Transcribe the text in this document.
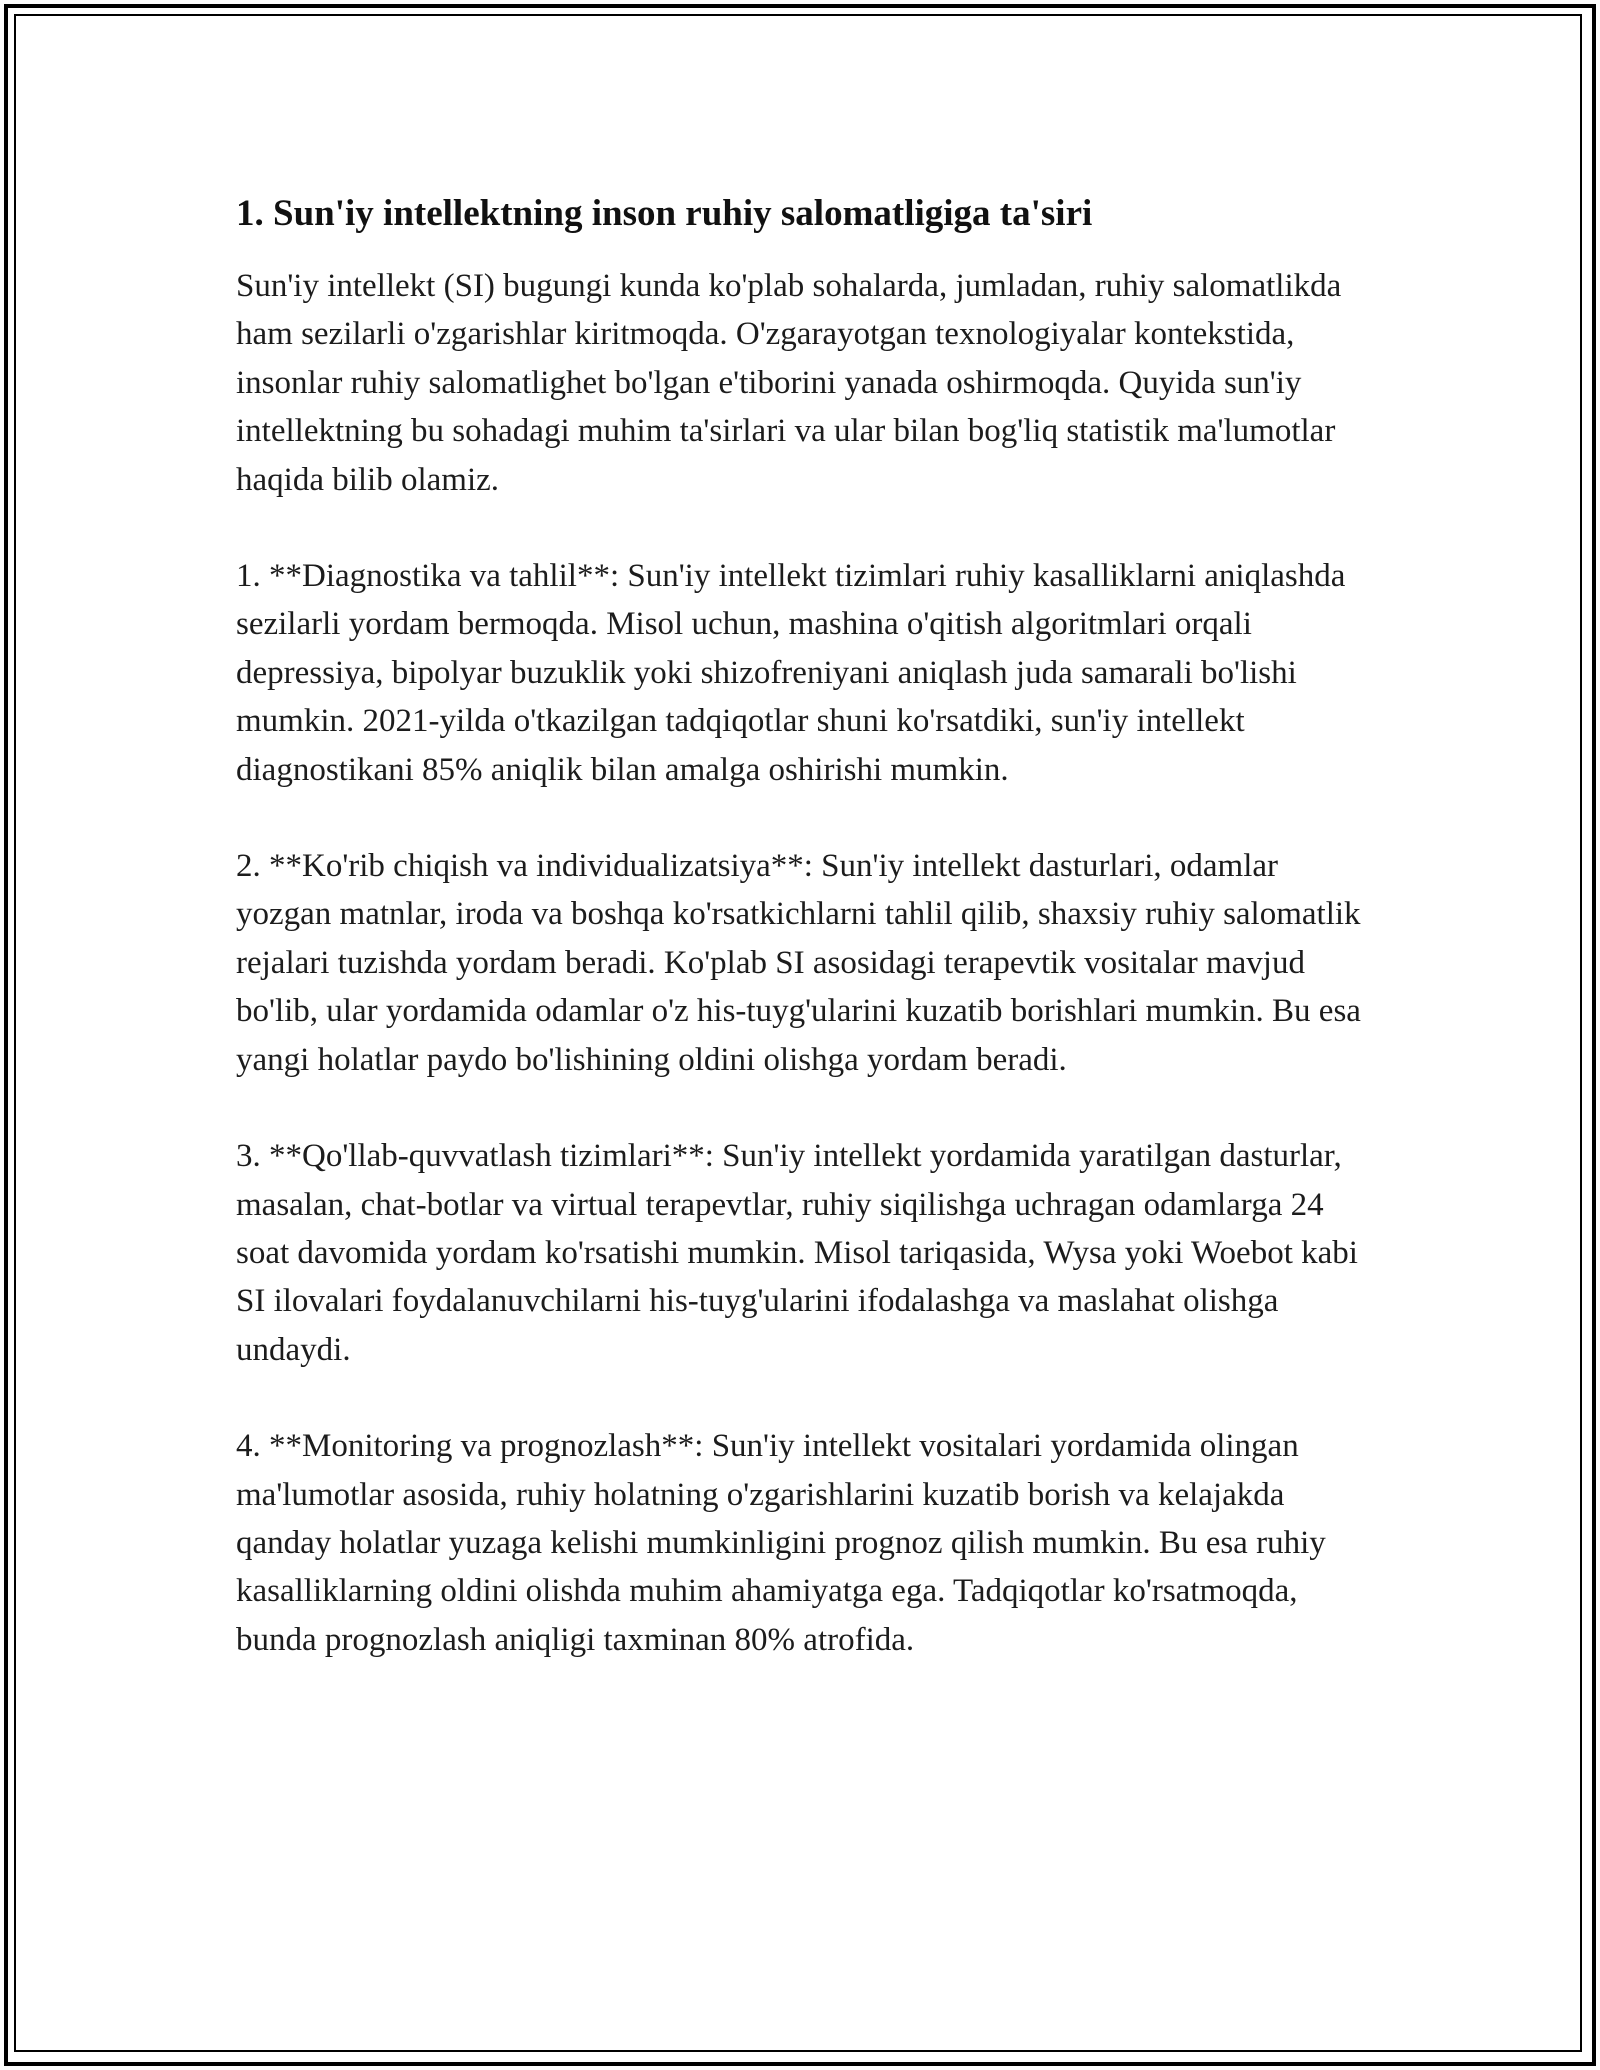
1. Sun'iy intellektning inson ruhiy salomatligiga ta'siri

Sun'iy intellekt (SI) bugungi kunda ko'plab sohalarda, jumladan, ruhiy salomatlikda ham sezilarli o'zgarishlar kiritmoqda. O'zgarayotgan texnologiyalar kontekstida, insonlar ruhiy salomatlighet bo'lgan e'tiborini yanada oshirmoqda. Quyida sun'iy intellektning bu sohadagi muhim ta'sirlari va ular bilan bog'liq statistik ma'lumotlar haqida bilib olamiz.

1. **Diagnostika va tahlil**: Sun'iy intellekt tizimlari ruhiy kasalliklarni aniqlashda sezilarli yordam bermoqda. Misol uchun, mashina o'qitish algoritmlari orqali depressiya, bipolyar buzuklik yoki shizofreniyani aniqlash juda samarali bo'lishi mumkin. 2021-yilda o'tkazilgan tadqiqotlar shuni ko'rsatdiki, sun'iy intellekt diagnostikani 85% aniqlik bilan amalga oshirishi mumkin.

2. **Ko'rib chiqish va individualizatsiya**: Sun'iy intellekt dasturlari, odamlar yozgan matnlar, iroda va boshqa ko'rsatkichlarni tahlil qilib, shaxsiy ruhiy salomatlik rejalari tuzishda yordam beradi. Ko'plab SI asosidagi terapevtik vositalar mavjud bo'lib, ular yordamida odamlar o'z his-tuyg'ularini kuzatib borishlari mumkin. Bu esa yangi holatlar paydo bo'lishining oldini olishga yordam beradi.

3. **Qo'llab-quvvatlash tizimlari**: Sun'iy intellekt yordamida yaratilgan dasturlar, masalan, chat-botlar va virtual terapevtlar, ruhiy siqilishga uchragan odamlarga 24 soat davomida yordam ko'rsatishi mumkin. Misol tariqasida, Wysa yoki Woebot kabi SI ilovalari foydalanuvchilarni his-tuyg'ularini ifodalashga va maslahat olishga undaydi.

4. **Monitoring va prognozlash**: Sun'iy intellekt vositalari yordamida olingan ma'lumotlar asosida, ruhiy holatning o'zgarishlarini kuzatib borish va kelajakda qanday holatlar yuzaga kelishi mumkinligini prognoz qilish mumkin. Bu esa ruhiy kasalliklarning oldini olishda muhim ahamiyatga ega. Tadqiqotlar ko'rsatmoqda, bunda prognozlash aniqligi taxminan 80% atrofida.
